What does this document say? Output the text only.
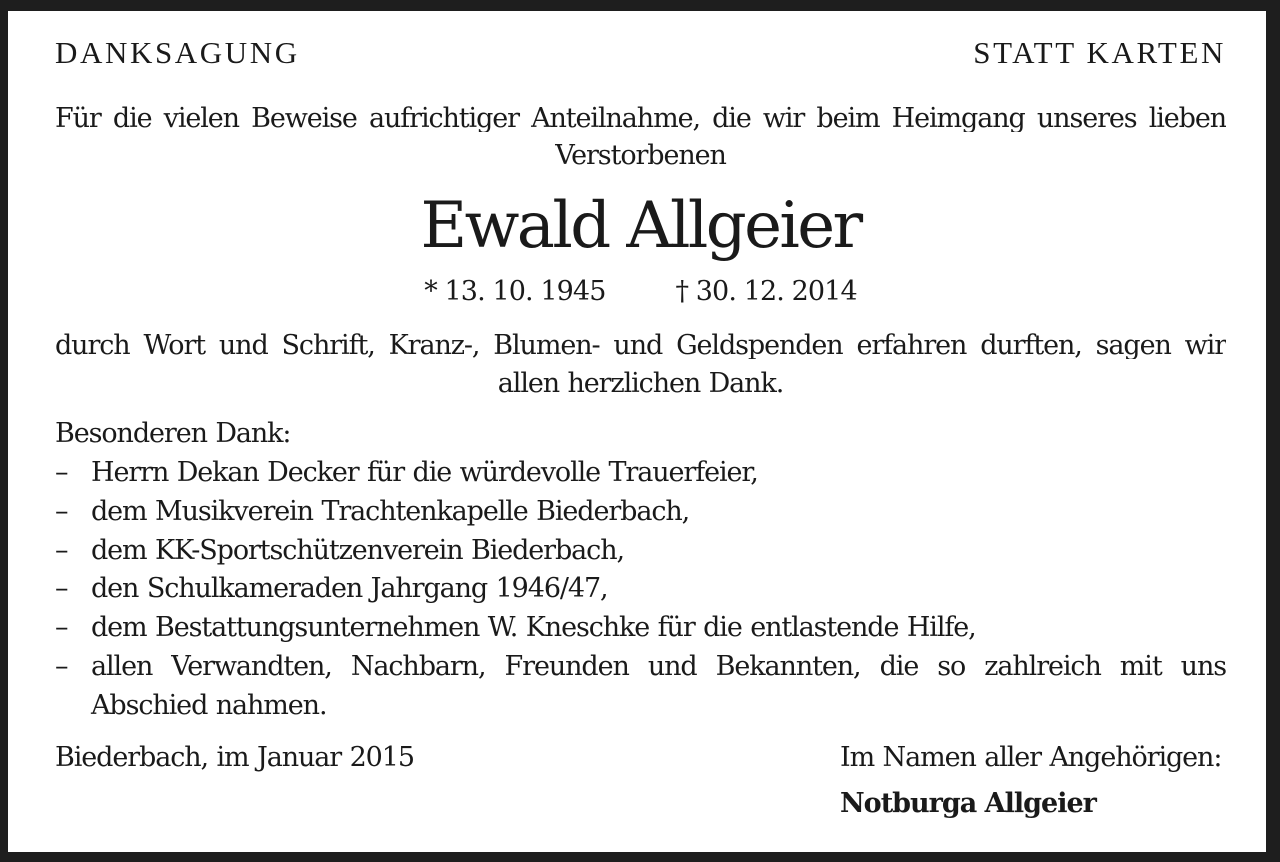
DANKSAGUNG	STATT KARTEN
Für die vielen Beweise aufrichtiger Anteilnahme, die wir beim Heimgang unseres lieben
Verstorbenen
Ewald Allgeier
* 13. 10. 1945	† 30. 12. 2014
durch Wort und Schrift, Kranz-, Blumen- und Geldspenden erfahren durften, sagen wir
allen herzlichen Dank.
Besonderen Dank:
– Herrn Dekan Decker für die würdevolle Trauerfeier,
– dem Musikverein Trachtenkapelle Biederbach,
– dem KK-Sportschützenverein Biederbach,
– den Schulkameraden Jahrgang 1946/47,
– dem Bestattungsunternehmen W. Kneschke für die entlastende Hilfe,
– allen Verwandten, Nachbarn, Freunden und Bekannten, die so zahlreich mit uns
Abschied nahmen.
Biederbach, im Januar 2015	Im Namen aller Angehörigen:
Notburga Allgeier
